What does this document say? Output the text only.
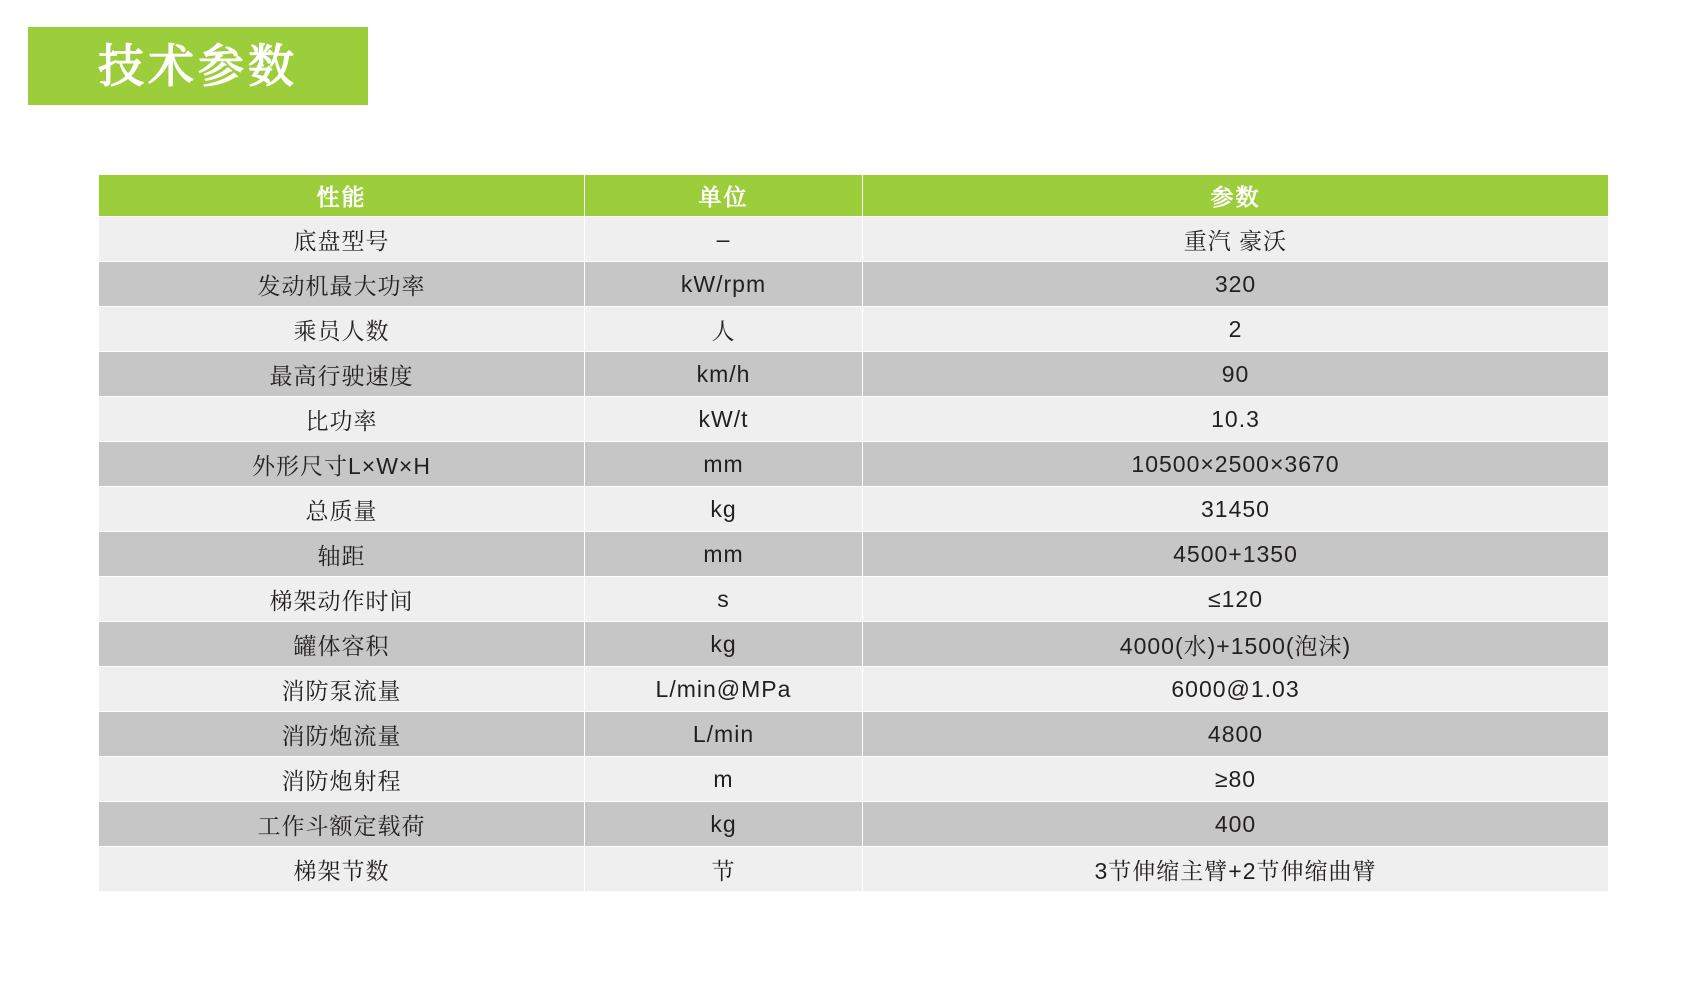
技术参数
性能	单位	参数
底盘型号	–	重汽 豪沃
发动机最大功率	kW/rpm	320
乘员人数	人	2
最高行驶速度	km/h	90
比功率	kW/t	10.3
外形尺寸L×W×H	mm	10500×2500×3670
总质量	kg	31450
轴距	mm	4500+1350
梯架动作时间	s	≤120
罐体容积	kg	4000(水)+1500(泡沫)
消防泵流量	L/min@MPa	6000@1.03
消防炮流量	L/min	4800
消防炮射程	m	≥80
工作斗额定载荷	kg	400
梯架节数	节	3节伸缩主臂+2节伸缩曲臂
